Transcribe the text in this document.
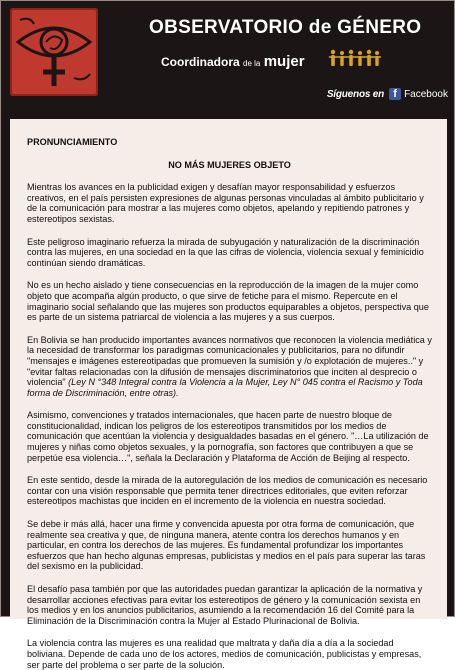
OBSERVATORIO de GÉNERO
Coordinadora de la mujer
Síguenos en f Facebook
PRONUNCIAMIENTO
NO MÁS MUJERES OBJETO

Mientras los avances en la publicidad exigen y desafían mayor responsabilidad y esfuerzos creativos, en el país persisten expresiones de algunas personas vinculadas al ámbito publicitario y de la comunicación para mostrar a las mujeres como objetos, apelando y repitiendo patrones y estereotipos sexistas.

Este peligroso imaginario refuerza la mirada de subyugación y naturalización de la discriminación contra las mujeres, en una sociedad en la que las cifras de violencia, violencia sexual y feminicidio continúan siendo dramáticas.

No es un hecho aislado y tiene consecuencias en la reproducción de la imagen de la mujer como objeto que acompaña algún producto, o que sirve de fetiche para el mismo. Repercute en el imaginario social señalando que las mujeres son productos equiparables a objetos, perspectiva que es parte de un sistema patriarcal de violencia a las mujeres y a sus cuerpos.

En Bolivia se han producido importantes avances normativos que reconocen la violencia mediática y la necesidad de transformar los paradigmas comunicacionales y publicitarios, para no difundir "mensajes e imágenes estereotipadas que promueven la sumisión y /o explotación de mujeres.." y "evitar faltas relacionadas con la difusión de mensajes discriminatorios que inciten al desprecio o violencia" (Ley N °348 Integral contra la Violencia a la Mujer, Ley N° 045 contra el Racismo y Toda forma de Discriminación, entre otras).

Asimismo, convenciones y tratados internacionales, que hacen parte de nuestro bloque de constitucionalidad, indican los peligros de los estereotipos transmitidos por los medios de comunicación que acentúan la violencia y desigualdades basadas en el género. "…La utilización de mujeres y niñas como objetos sexuales, y la pornografía, son factores que contribuyen a que se perpetúe esa violencia…", señala la Declaración y Plataforma de Acción de Beijing al respecto.

En este sentido, desde la mirada de la autoregulación de los medios de comunicación es necesario contar con una visión responsable que permita tener directrices editoriales, que eviten reforzar estereotipos machistas que inciden en el incremento de la violencia en nuestra sociedad.

Se debe ir más allá, hacer una firme y convencida apuesta por otra forma de comunicación, que realmente sea creativa y que, de ninguna manera, atente contra los derechos humanos y en particular, en contra los derechos de las mujeres. Es fundamental profundizar los importantes esfuerzos que han hecho algunas empresas, publicistas y medios en el país para superar las taras del sexismo en la publicidad.

El desafío pasa también por que las autoridades puedan garantizar la aplicación de la normativa y desarrollar acciones efectivas para evitar los estereotipos de género y la comunicación sexista en los medios y en los anuncios publicitarios, asumiendo a la recomendación 16 del Comité para la Eliminación de la Discriminación contra la Mujer al Estado Plurinacional de Bolivia.

La violencia contra las mujeres es una realidad que maltrata y daña día a día a la sociedad boliviana. Depende de cada uno de los actores, medios de comunicación, publicistas y empresas, ser parte del problema o ser parte de la solución.
